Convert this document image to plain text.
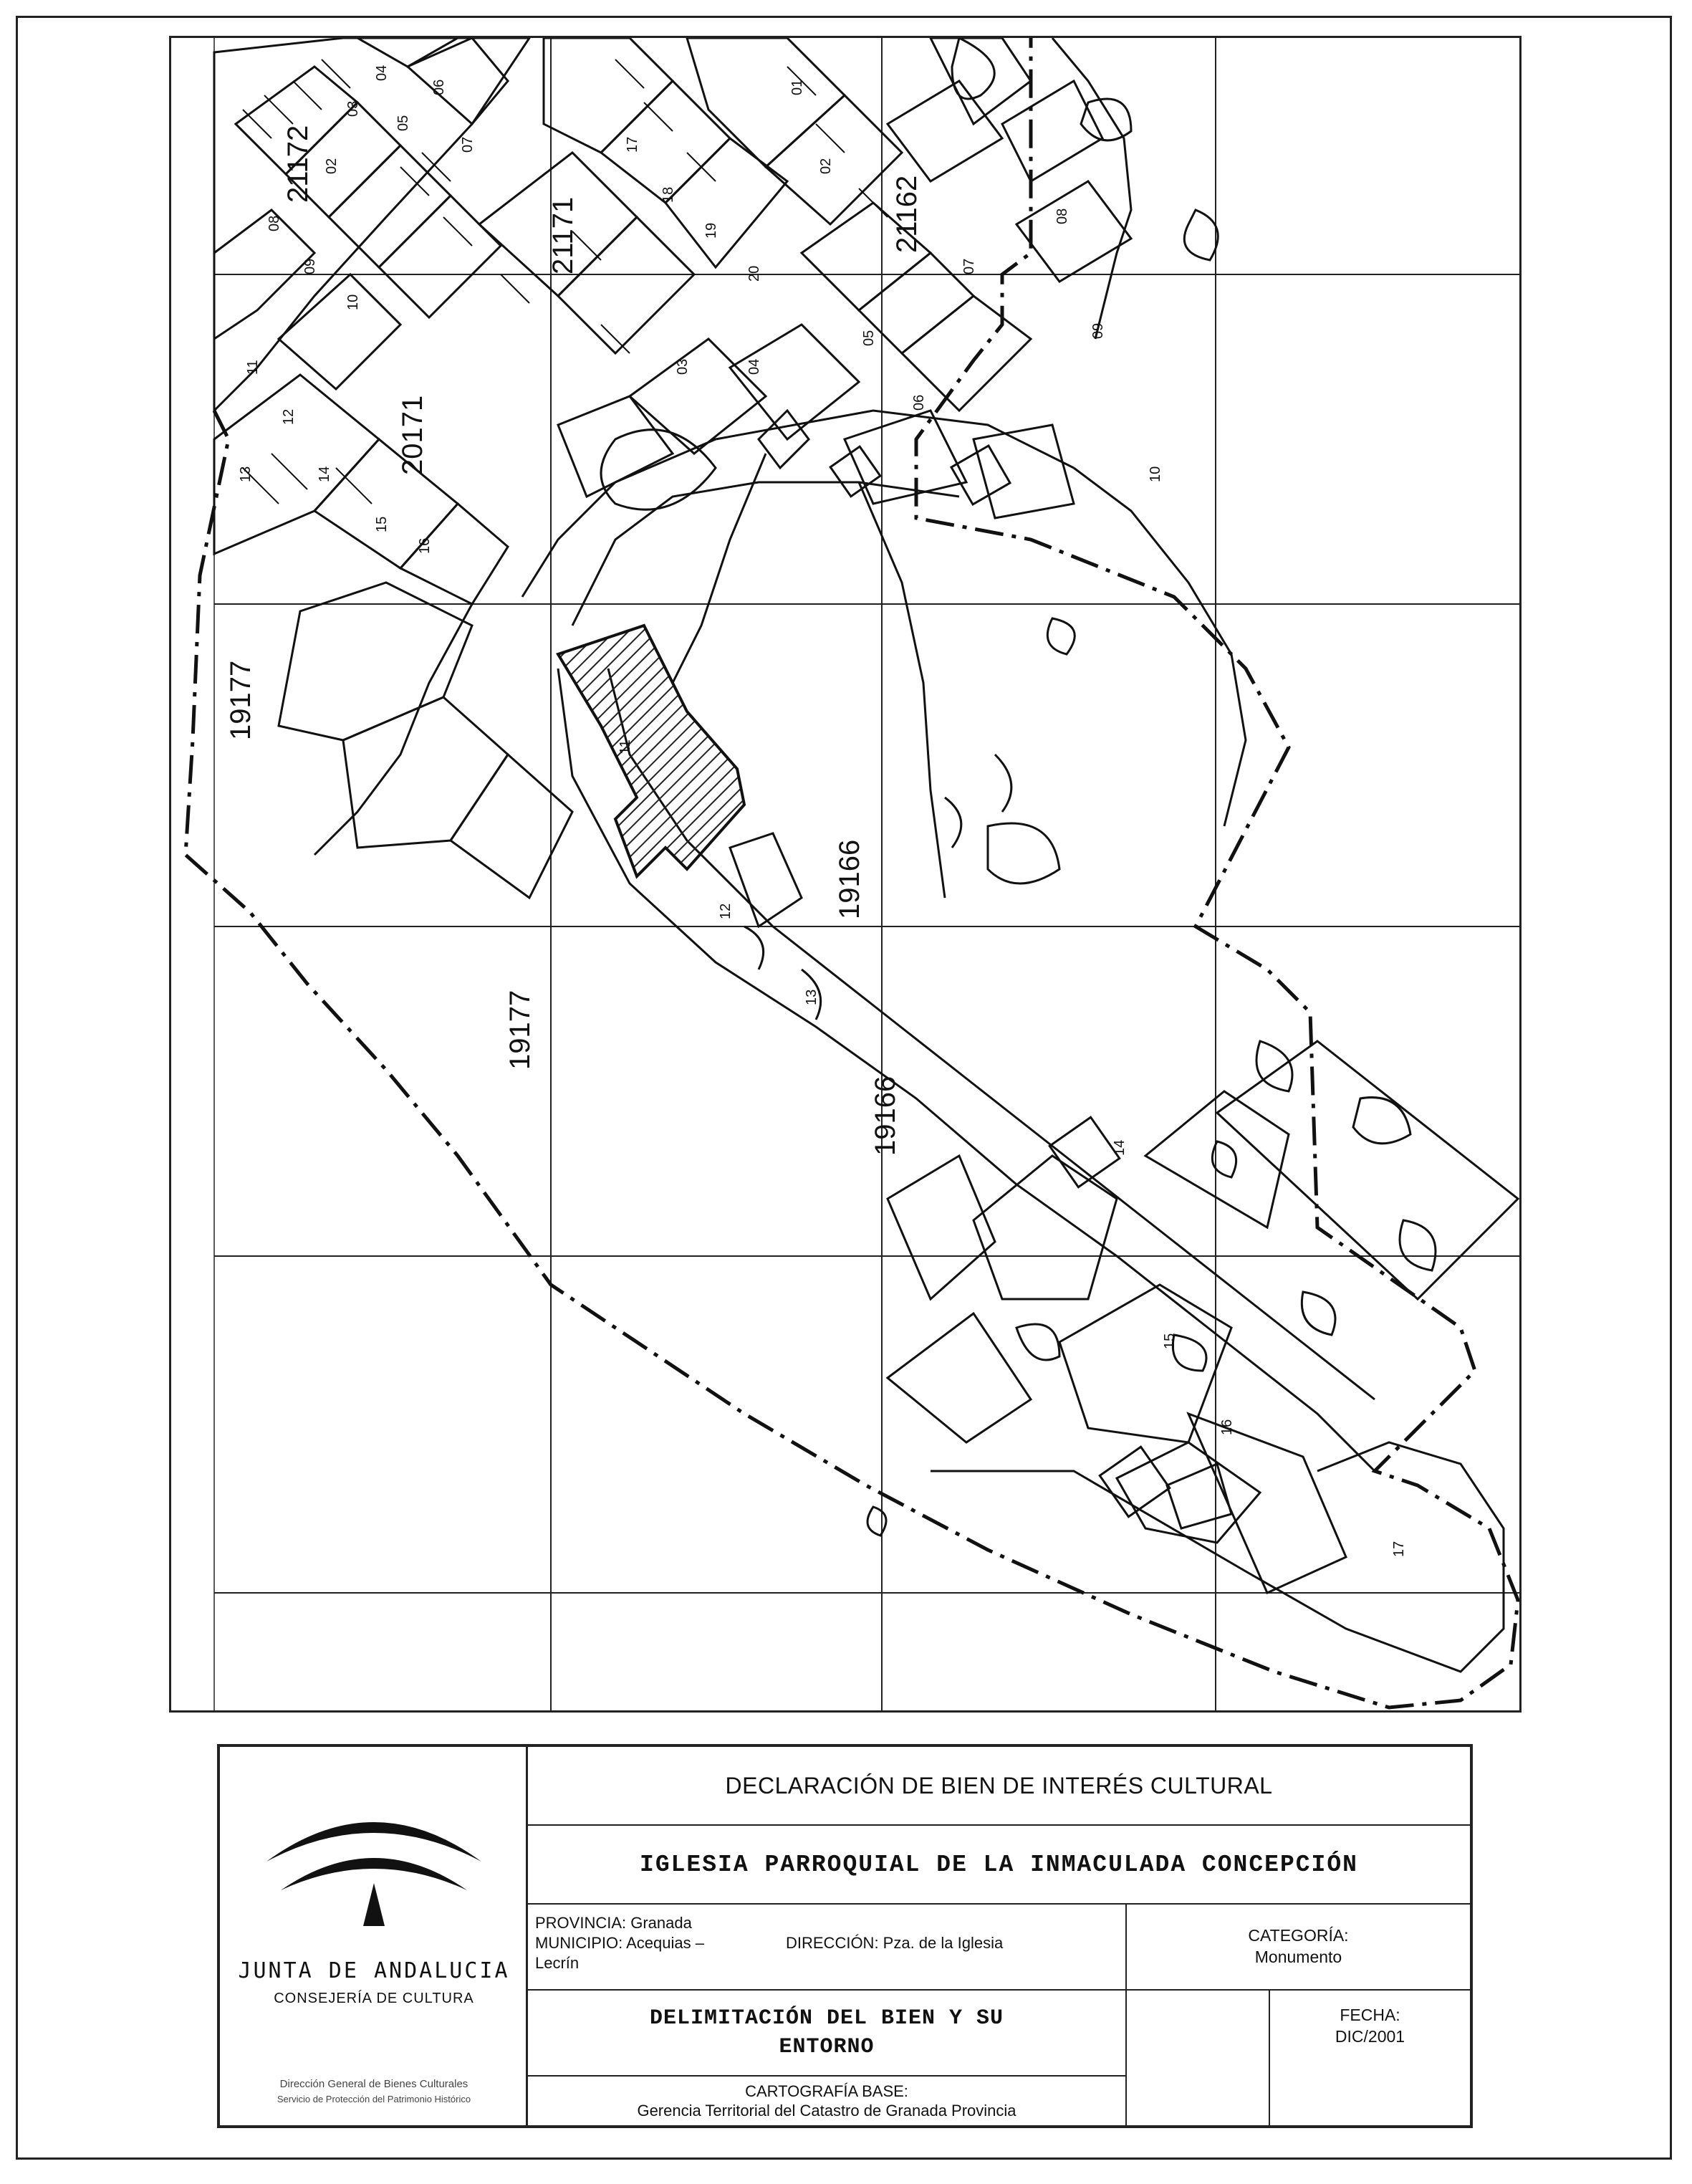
21172
21171	21162
20171
19177
19166
19166
19177
02
03
04
05
06
07
08
09
10
11
12
13	14
15
16
17
18
19
20
01
02
03	04
05
06
07
08
09
10
11
12
13
14
15
16
17
JUNTA DE ANDALUCIA
CONSEJERÍA DE CULTURA
Dirección General de Bienes Culturales
Servicio de Protección del Patrimonio Histórico
DECLARACIÓN DE BIEN DE INTERÉS CULTURAL
IGLESIA PARROQUIAL DE LA INMACULADA CONCEPCIÓN
PROVINCIA: Granada
MUNICIPIO: Acequias –
Lecrín
DIRECCIÓN: Pza. de la Iglesia	CATEGORÍA:
Monumento
DELIMITACIÓN DEL BIEN Y SU
ENTORNO
FECHA:
DIC/2001
CARTOGRAFÍA BASE:
Gerencia Territorial del Catastro de Granada Provincia
